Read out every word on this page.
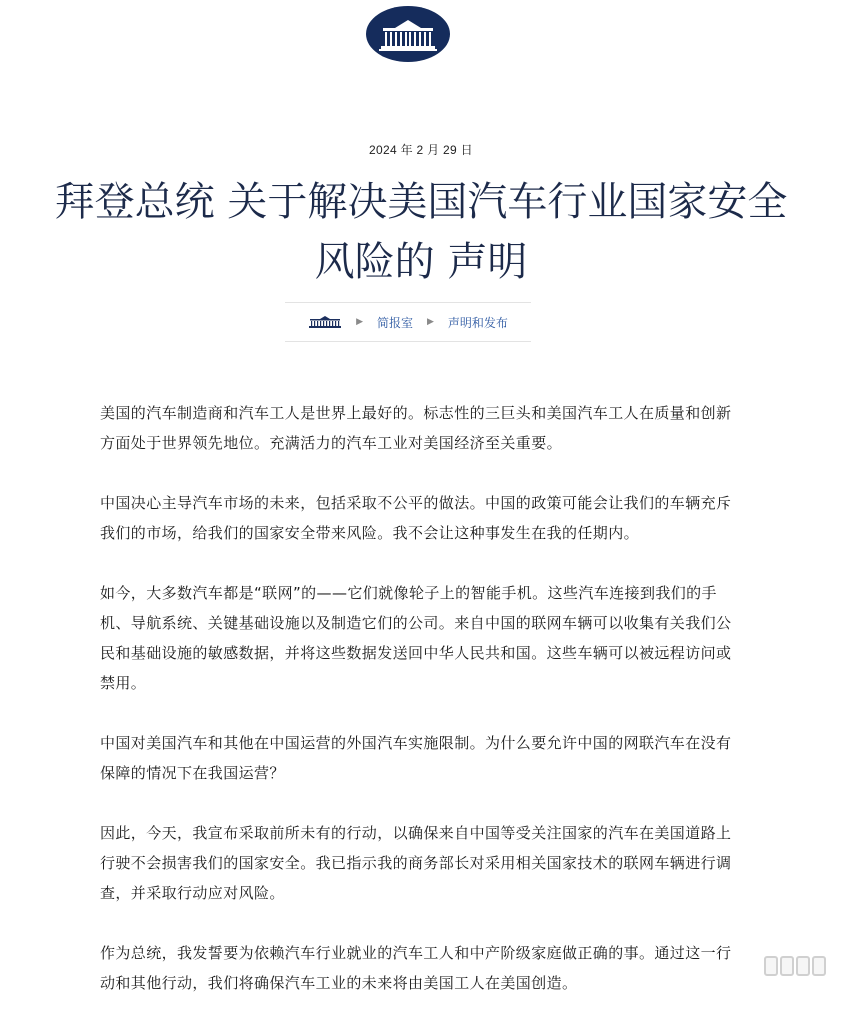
2024 年 2 月 29 日
拜登总统 关于解决美国汽车行业国家安全
风险的 声明
▶ 简报室 ▶ 声明和发布

美国的汽车制造商和汽车工人是世界上最好的。标志性的三巨头和美国汽车工人在质量和创新方面处于世界领先地位。充满活力的汽车工业对美国经济至关重要。

中国决心主导汽车市场的未来，包括采取不公平的做法。中国的政策可能会让我们的车辆充斥我们的市场，给我们的国家安全带来风险。我不会让这种事发生在我的任期内。

如今，大多数汽车都是“联网”的——它们就像轮子上的智能手机。这些汽车连接到我们的手机、导航系统、关键基础设施以及制造它们的公司。来自中国的联网车辆可以收集有关我们公民和基础设施的敏感数据，并将这些数据发送回中华人民共和国。这些车辆可以被远程访问或禁用。

中国对美国汽车和其他在中国运营的外国汽车实施限制。为什么要允许中国的网联汽车在没有保障的情况下在我国运营？

因此，今天，我宣布采取前所未有的行动，以确保来自中国等受关注国家的汽车在美国道路上行驶不会损害我们的国家安全。我已指示我的商务部长对采用相关国家技术的联网车辆进行调查，并采取行动应对风险。

作为总统，我发誓要为依赖汽车行业就业的汽车工人和中产阶级家庭做正确的事。通过这一行动和其他行动，我们将确保汽车工业的未来将由美国工人在美国创造。
